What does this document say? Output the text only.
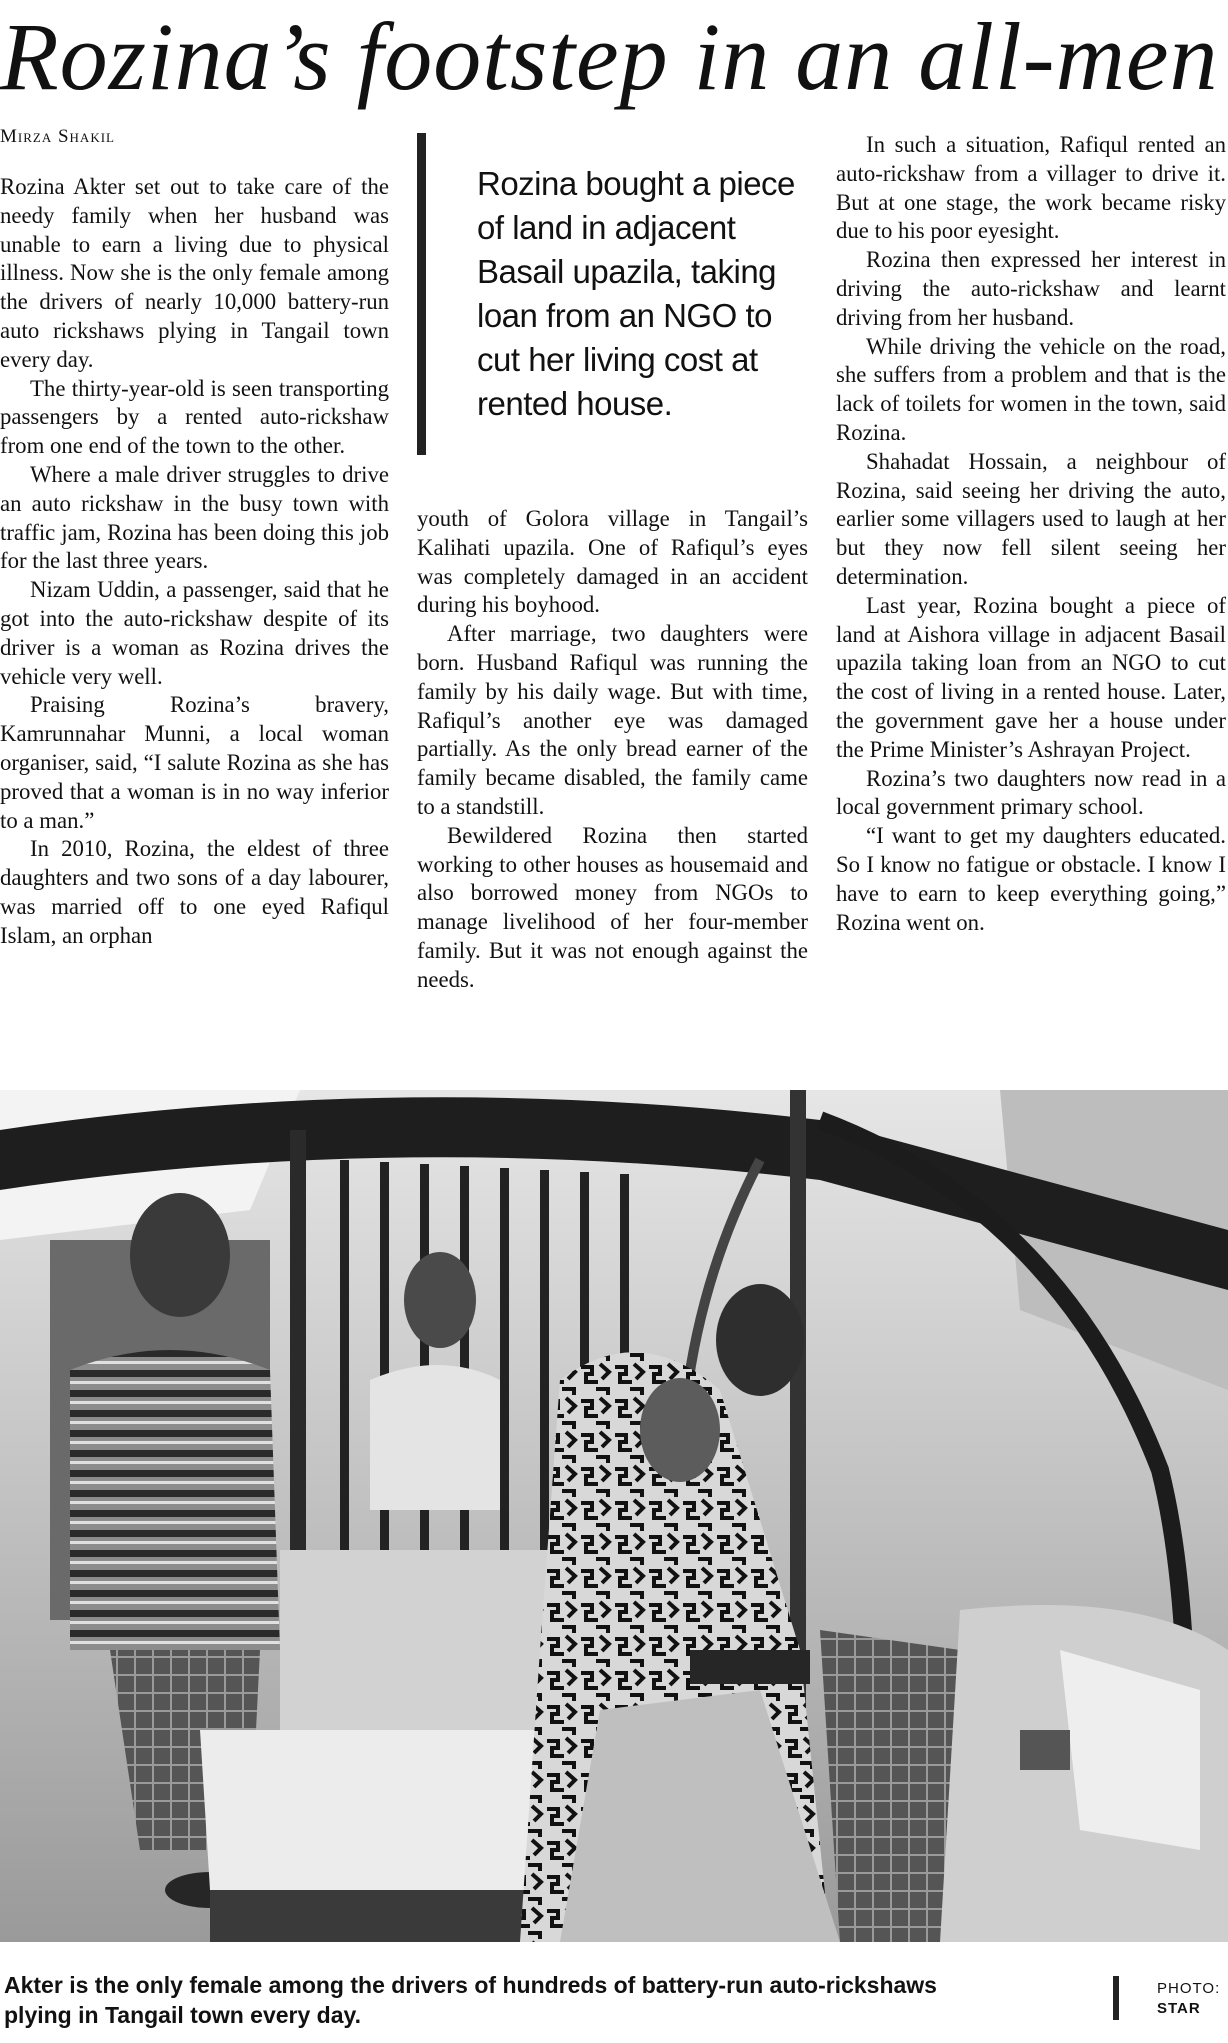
Rozina’s footstep in an all-men
Mirza Shakil

Rozina Akter set out to take care of the needy family when her husband was unable to earn a living due to physical illness. Now she is the only female among the drivers of nearly 10,000 battery-run auto rickshaws plying in Tangail town every day.

The thirty-year-old is seen transporting passengers by a rented auto-rickshaw from one end of the town to the other.

Where a male driver struggles to drive an auto rickshaw in the busy town with traffic jam, Rozina has been doing this job for the last three years.

Nizam Uddin, a passenger, said that he got into the auto-rickshaw despite of its driver is a woman as Rozina drives the vehicle very well.

Praising Rozina’s bravery, Kamrunnahar Munni, a local woman organiser, said, “I salute Rozina as she has proved that a woman is in no way inferior to a man.”

In 2010, Rozina, the eldest of three daughters and two sons of a day labourer, was married off to one eyed Rafiqul Islam, an orphan

Rozina bought a piece of land in adjacent Basail upazila, taking loan from an NGO to cut her living cost at rented house.

youth of Golora village in Tangail’s Kalihati upazila. One of Rafiqul’s eyes was completely damaged in an accident during his boyhood.

After marriage, two daughters were born. Husband Rafiqul was running the family by his daily wage. But with time, Rafiqul’s another eye was damaged partially. As the only bread earner of the family became disabled, the family came to a standstill.

Bewildered Rozina then started working to other houses as housemaid and also borrowed money from NGOs to manage livelihood of her four-member family. But it was not enough against the needs.

In such a situation, Rafiqul rented an auto-rickshaw from a villager to drive it. But at one stage, the work became risky due to his poor eyesight.

Rozina then expressed her interest in driving the auto-rickshaw and learnt driving from her husband.

While driving the vehicle on the road, she suffers from a problem and that is the lack of toilets for women in the town, said Rozina.

Shahadat Hossain, a neighbour of Rozina, said seeing her driving the auto, earlier some villagers used to laugh at her but they now fell silent seeing her determination.

Last year, Rozina bought a piece of land at Aishora village in adjacent Basail upazila taking loan from an NGO to cut the cost of living in a rented house. Later, the government gave her a house under the Prime Minister’s Ashrayan Project.

Rozina’s two daughters now read in a local government primary school.

“I want to get my daughters educated. So I know no fatigue or obstacle. I know I have to earn to keep everything going,” Rozina went on.

Akter is the only female among the drivers of hundreds of battery-run auto-rickshaws plying in Tangail town every day.
PHOTO:
STAR
